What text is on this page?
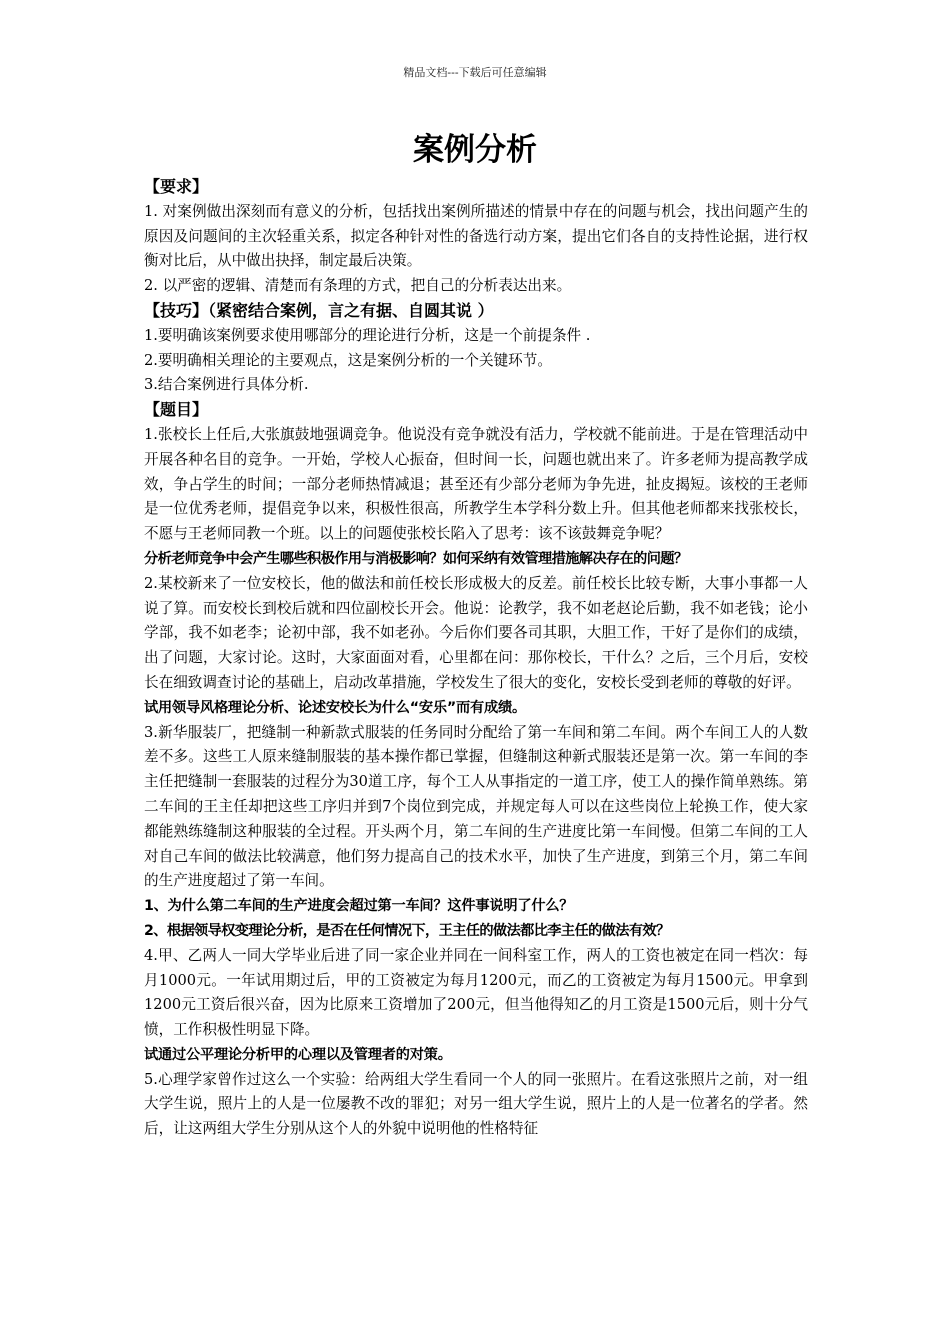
精品文档---下载后可任意编辑
案例分析

【要求】

1. 对案例做出深刻而有意义的分析，包括找出案例所描述的情景中存在的问题与机会，找出问题产生的原因及问题间的主次轻重关系，拟定各种针对性的备选行动方案，提出它们各自的支持性论据，进行权衡对比后，从中做出抉择，制定最后决策。

2. 以严密的逻辑、清楚而有条理的方式，把自己的分析表达出来。

【技巧】（紧密结合案例，言之有据、自圆其说 ）

1.要明确该案例要求使用哪部分的理论进行分析，这是一个前提条件 .

2.要明确相关理论的主要观点，这是案例分析的一个关键环节。

3.结合案例进行具体分析.

【题目】

1.张校长上任后,大张旗鼓地强调竞争。他说没有竞争就没有活力，学校就不能前进。于是在管理活动中开展各种名目的竞争。一开始，学校人心振奋，但时间一长，问题也就出来了。许多老师为提高教学成效，争占学生的时间；一部分老师热情减退；甚至还有少部分老师为争先进，扯皮揭短。该校的王老师是一位优秀老师，提倡竞争以来，积极性很高，所教学生本学科分数上升。但其他老师都来找张校长，不愿与王老师同教一个班。以上的问题使张校长陷入了思考：该不该鼓舞竞争呢？

分析老师竞争中会产生哪些积极作用与消极影响？如何采纳有效管理措施解决存在的问题？

2.某校新来了一位安校长，他的做法和前任校长形成极大的反差。前任校长比较专断，大事小事都一人说了算。而安校长到校后就和四位副校长开会。他说：论教学，我不如老赵论后勤，我不如老钱；论小学部，我不如老李；论初中部，我不如老孙。今后你们要各司其职，大胆工作，干好了是你们的成绩，出了问题，大家讨论。这时，大家面面对看，心里都在问：那你校长，干什么？之后，三个月后，安校长在细致调查讨论的基础上，启动改革措施，学校发生了很大的变化，安校长受到老师的尊敬的好评。

试用领导风格理论分析、论述安校长为什么“安乐”而有成绩。

3.新华服装厂，把缝制一种新款式服装的任务同时分配给了第一车间和第二车间。两个车间工人的人数差不多。这些工人原来缝制服装的基本操作都已掌握，但缝制这种新式服装还是第一次。第一车间的李主任把缝制一套服装的过程分为30道工序，每个工人从事指定的一道工序，使工人的操作简单熟练。第二车间的王主任却把这些工序归并到7个岗位到完成，并规定每人可以在这些岗位上轮换工作，使大家都能熟练缝制这种服装的全过程。开头两个月，第二车间的生产进度比第一车间慢。但第二车间的工人对自己车间的做法比较满意，他们努力提高自己的技术水平，加快了生产进度，到第三个月，第二车间的生产进度超过了第一车间。

1、为什么第二车间的生产进度会超过第一车间？这件事说明了什么？

2、根据领导权变理论分析，是否在任何情况下，王主任的做法都比李主任的做法有效？

4.甲、乙两人一同大学毕业后进了同一家企业并同在一间科室工作，两人的工资也被定在同一档次：每月1000元。一年试用期过后，甲的工资被定为每月1200元，而乙的工资被定为每月1500元。甲拿到1200元工资后很兴奋，因为比原来工资增加了200元，但当他得知乙的月工资是1500元后，则十分气愤，工作积极性明显下降。

试通过公平理论分析甲的心理以及管理者的对策。

5.心理学家曾作过这么一个实验：给两组大学生看同一个人的同一张照片。在看这张照片之前，对一组大学生说，照片上的人是一位屡教不改的罪犯；对另一组大学生说，照片上的人是一位著名的学者。然后，让这两组大学生分别从这个人的外貌中说明他的性格特征
